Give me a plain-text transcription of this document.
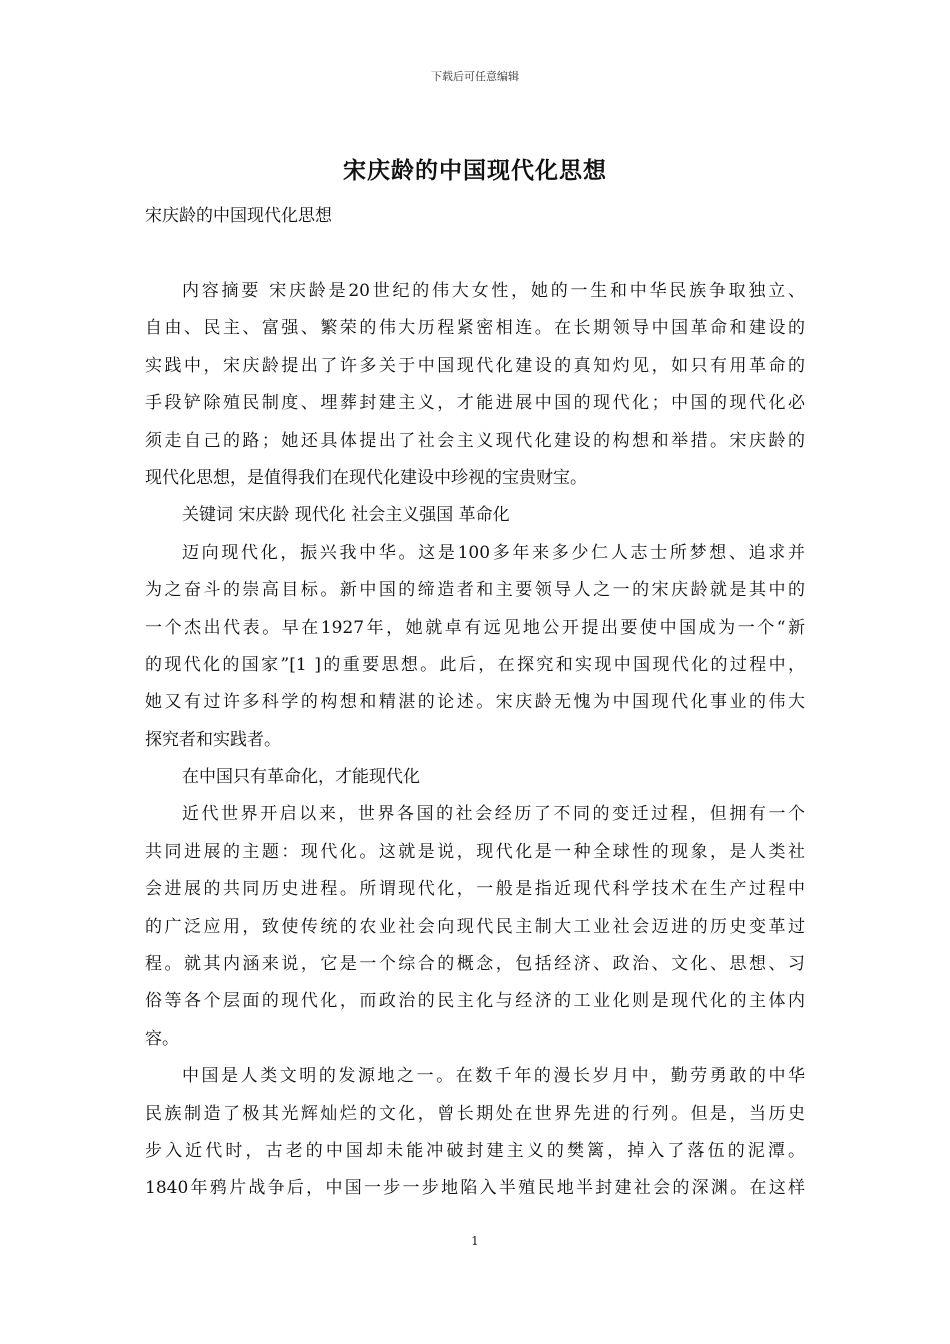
下载后可任意编辑
宋庆龄的中国现代化思想
宋庆龄的中国现代化思想
内容摘要 宋庆龄是20世纪的伟大女性，她的一生和中华民族争取独立、
自由、民主、富强、繁荣的伟大历程紧密相连。在长期领导中国革命和建设的
实践中，宋庆龄提出了许多关于中国现代化建设的真知灼见，如只有用革命的
手段铲除殖民制度、埋葬封建主义，才能进展中国的现代化；中国的现代化必
须走自己的路；她还具体提出了社会主义现代化建设的构想和举措。宋庆龄的
现代化思想，是值得我们在现代化建设中珍视的宝贵财宝。
关键词 宋庆龄 现代化 社会主义强国 革命化
迈向现代化，振兴我中华。这是100多年来多少仁人志士所梦想、追求并
为之奋斗的崇高目标。新中国的缔造者和主要领导人之一的宋庆龄就是其中的
一个杰出代表。早在1927年，她就卓有远见地公开提出要使中国成为一个“新
的现代化的国家”[1 ]的重要思想。此后，在探究和实现中国现代化的过程中，
她又有过许多科学的构想和精湛的论述。宋庆龄无愧为中国现代化事业的伟大
探究者和实践者。
在中国只有革命化，才能现代化
近代世界开启以来，世界各国的社会经历了不同的变迁过程，但拥有一个
共同进展的主题：现代化。这就是说，现代化是一种全球性的现象，是人类社
会进展的共同历史进程。所谓现代化，一般是指近现代科学技术在生产过程中
的广泛应用，致使传统的农业社会向现代民主制大工业社会迈进的历史变革过
程。就其内涵来说，它是一个综合的概念，包括经济、政治、文化、思想、习
俗等各个层面的现代化，而政治的民主化与经济的工业化则是现代化的主体内
容。
中国是人类文明的发源地之一。在数千年的漫长岁月中，勤劳勇敢的中华
民族制造了极其光辉灿烂的文化，曾长期处在世界先进的行列。但是，当历史
步入近代时，古老的中国却未能冲破封建主义的樊篱，掉入了落伍的泥潭。
1840年鸦片战争后，中国一步一步地陷入半殖民地半封建社会的深渊。在这样
1
